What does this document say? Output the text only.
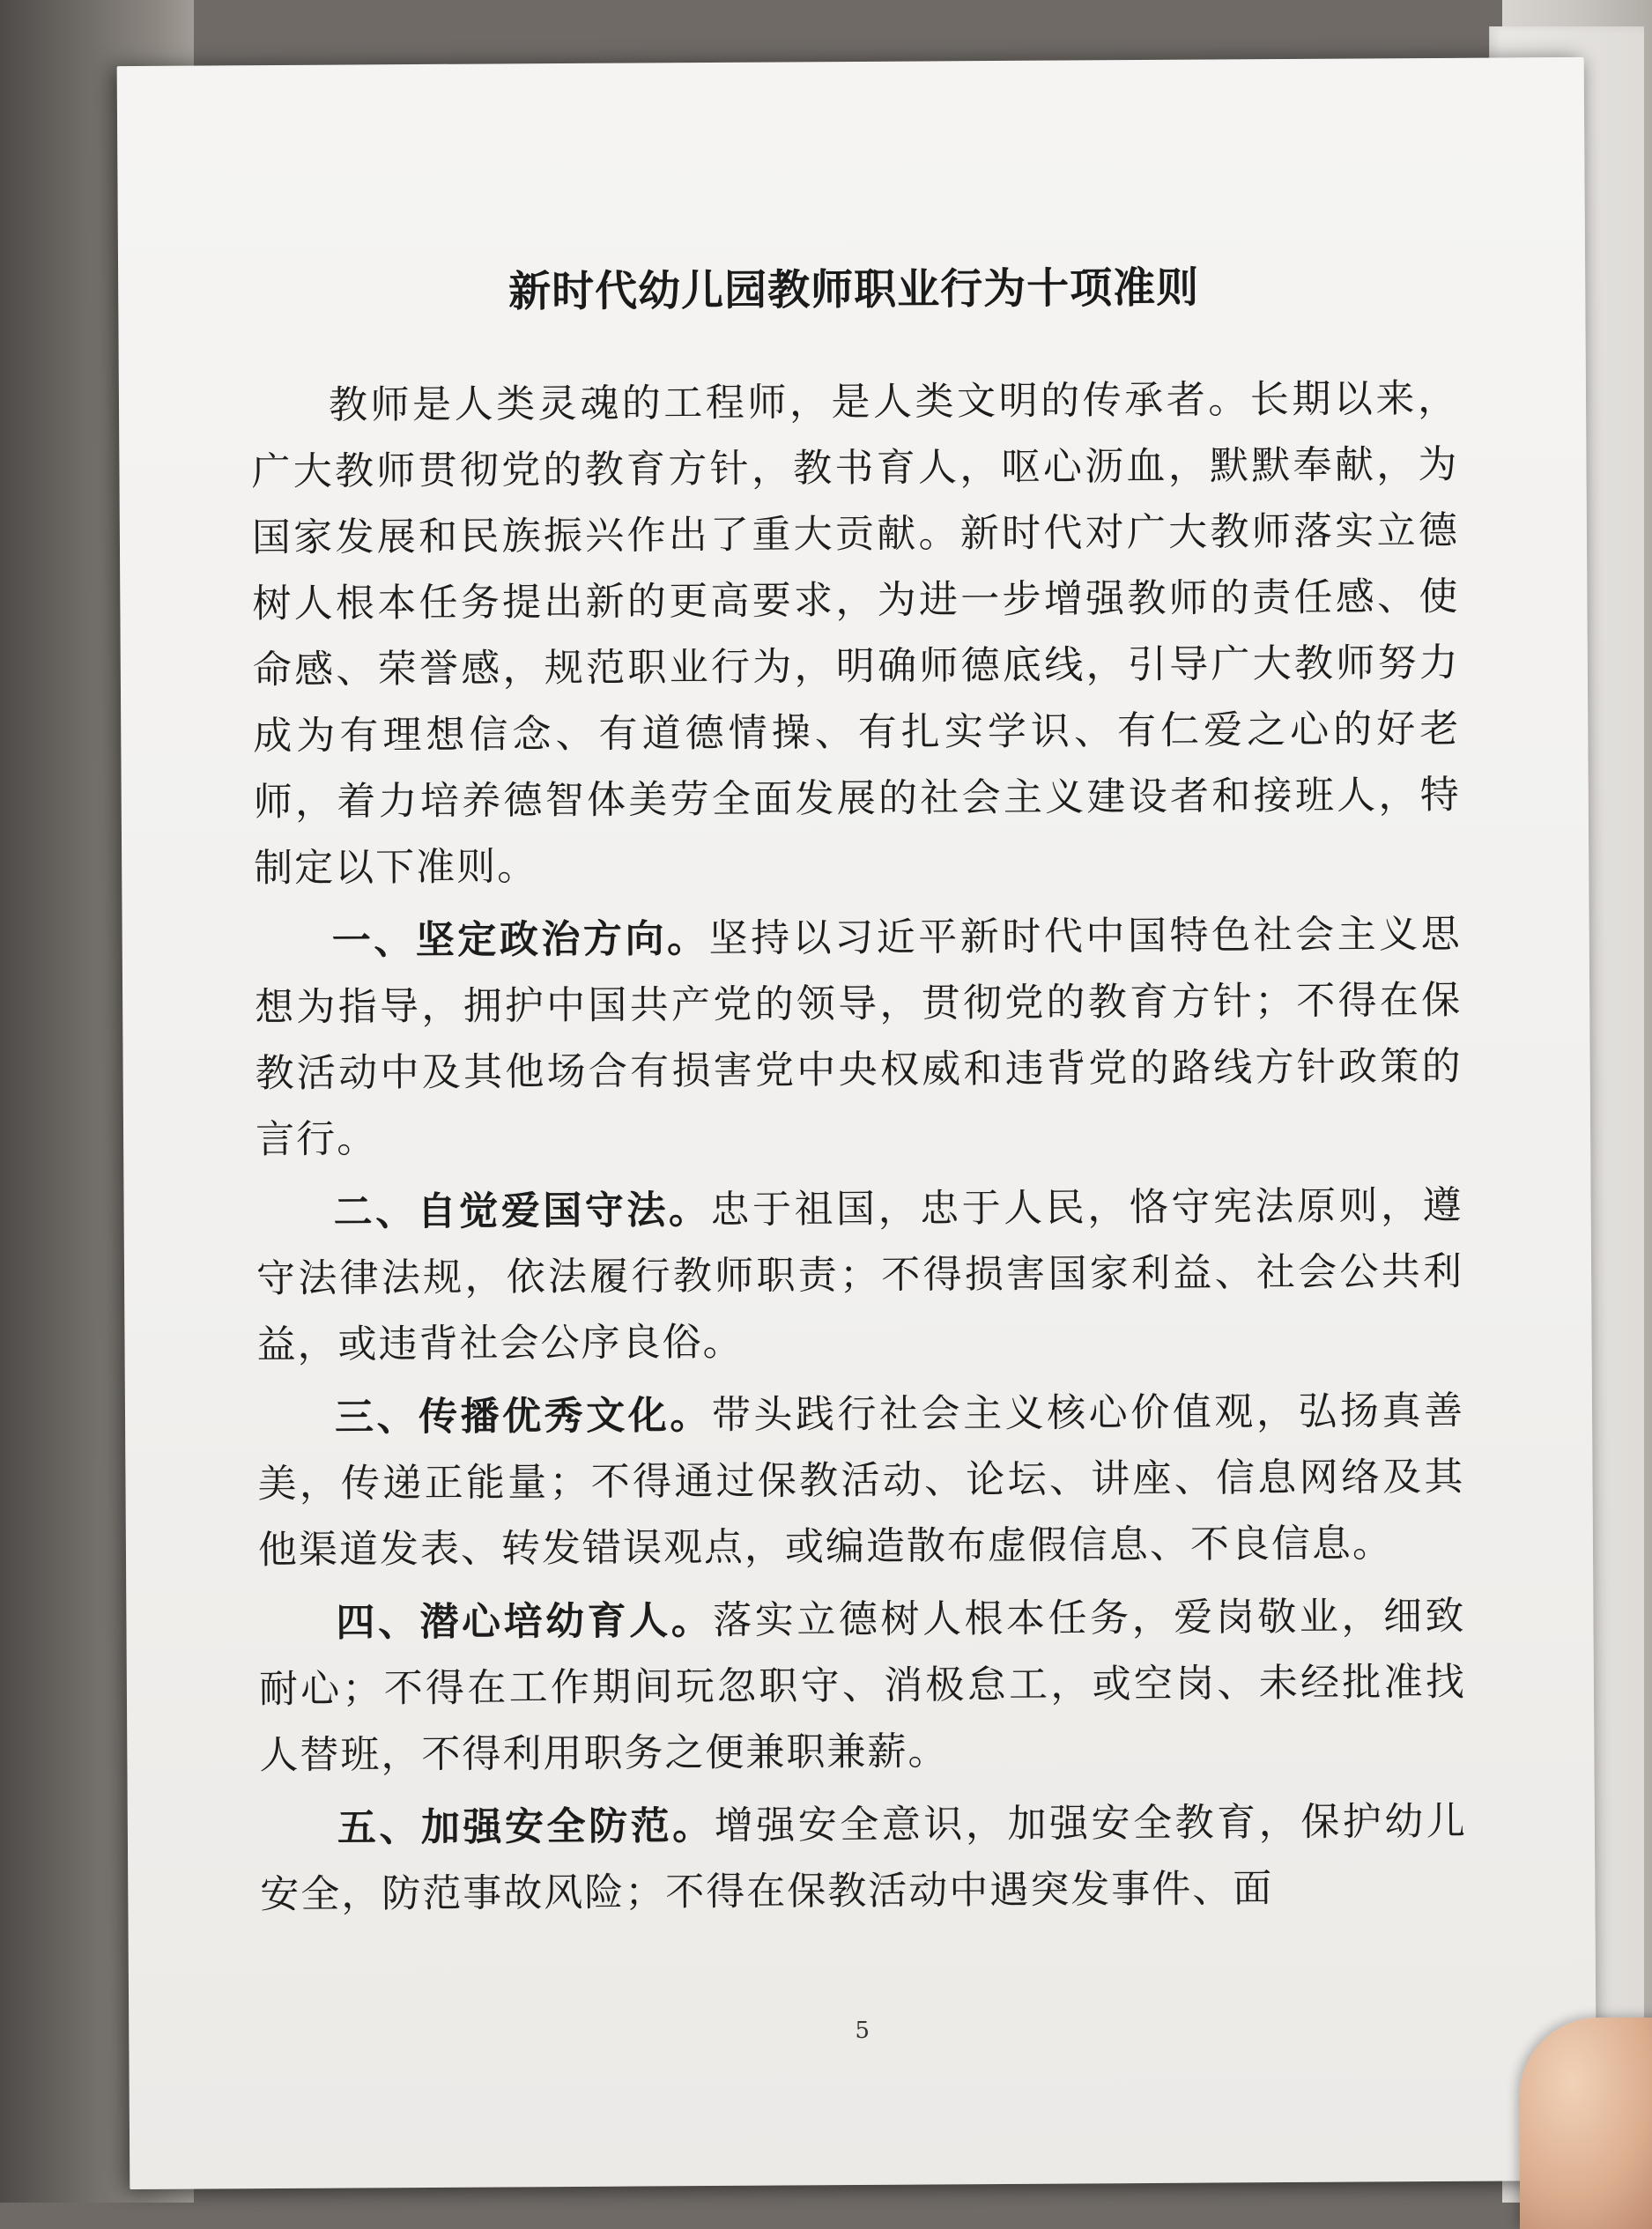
新时代幼儿园教师职业行为十项准则

教师是人类灵魂的工程师，是人类文明的传承者。长期以来，广大教师贯彻党的教育方针，教书育人，呕心沥血，默默奉献，为国家发展和民族振兴作出了重大贡献。新时代对广大教师落实立德树人根本任务提出新的更高要求，为进一步增强教师的责任感、使命感、荣誉感，规范职业行为，明确师德底线，引导广大教师努力成为有理想信念、有道德情操、有扎实学识、有仁爱之心的好老师，着力培养德智体美劳全面发展的社会主义建设者和接班人，特制定以下准则。

一、坚定政治方向。坚持以习近平新时代中国特色社会主义思想为指导，拥护中国共产党的领导，贯彻党的教育方针；不得在保教活动中及其他场合有损害党中央权威和违背党的路线方针政策的言行。

二、自觉爱国守法。忠于祖国，忠于人民，恪守宪法原则，遵守法律法规，依法履行教师职责；不得损害国家利益、社会公共利益，或违背社会公序良俗。

三、传播优秀文化。带头践行社会主义核心价值观，弘扬真善美，传递正能量；不得通过保教活动、论坛、讲座、信息网络及其他渠道发表、转发错误观点，或编造散布虚假信息、不良信息。

四、潜心培幼育人。落实立德树人根本任务，爱岗敬业，细致耐心；不得在工作期间玩忽职守、消极怠工，或空岗、未经批准找人替班，不得利用职务之便兼职兼薪。

五、加强安全防范。增强安全意识，加强安全教育，保护幼儿安全，防范事故风险；不得在保教活动中遇突发事件、面

5
